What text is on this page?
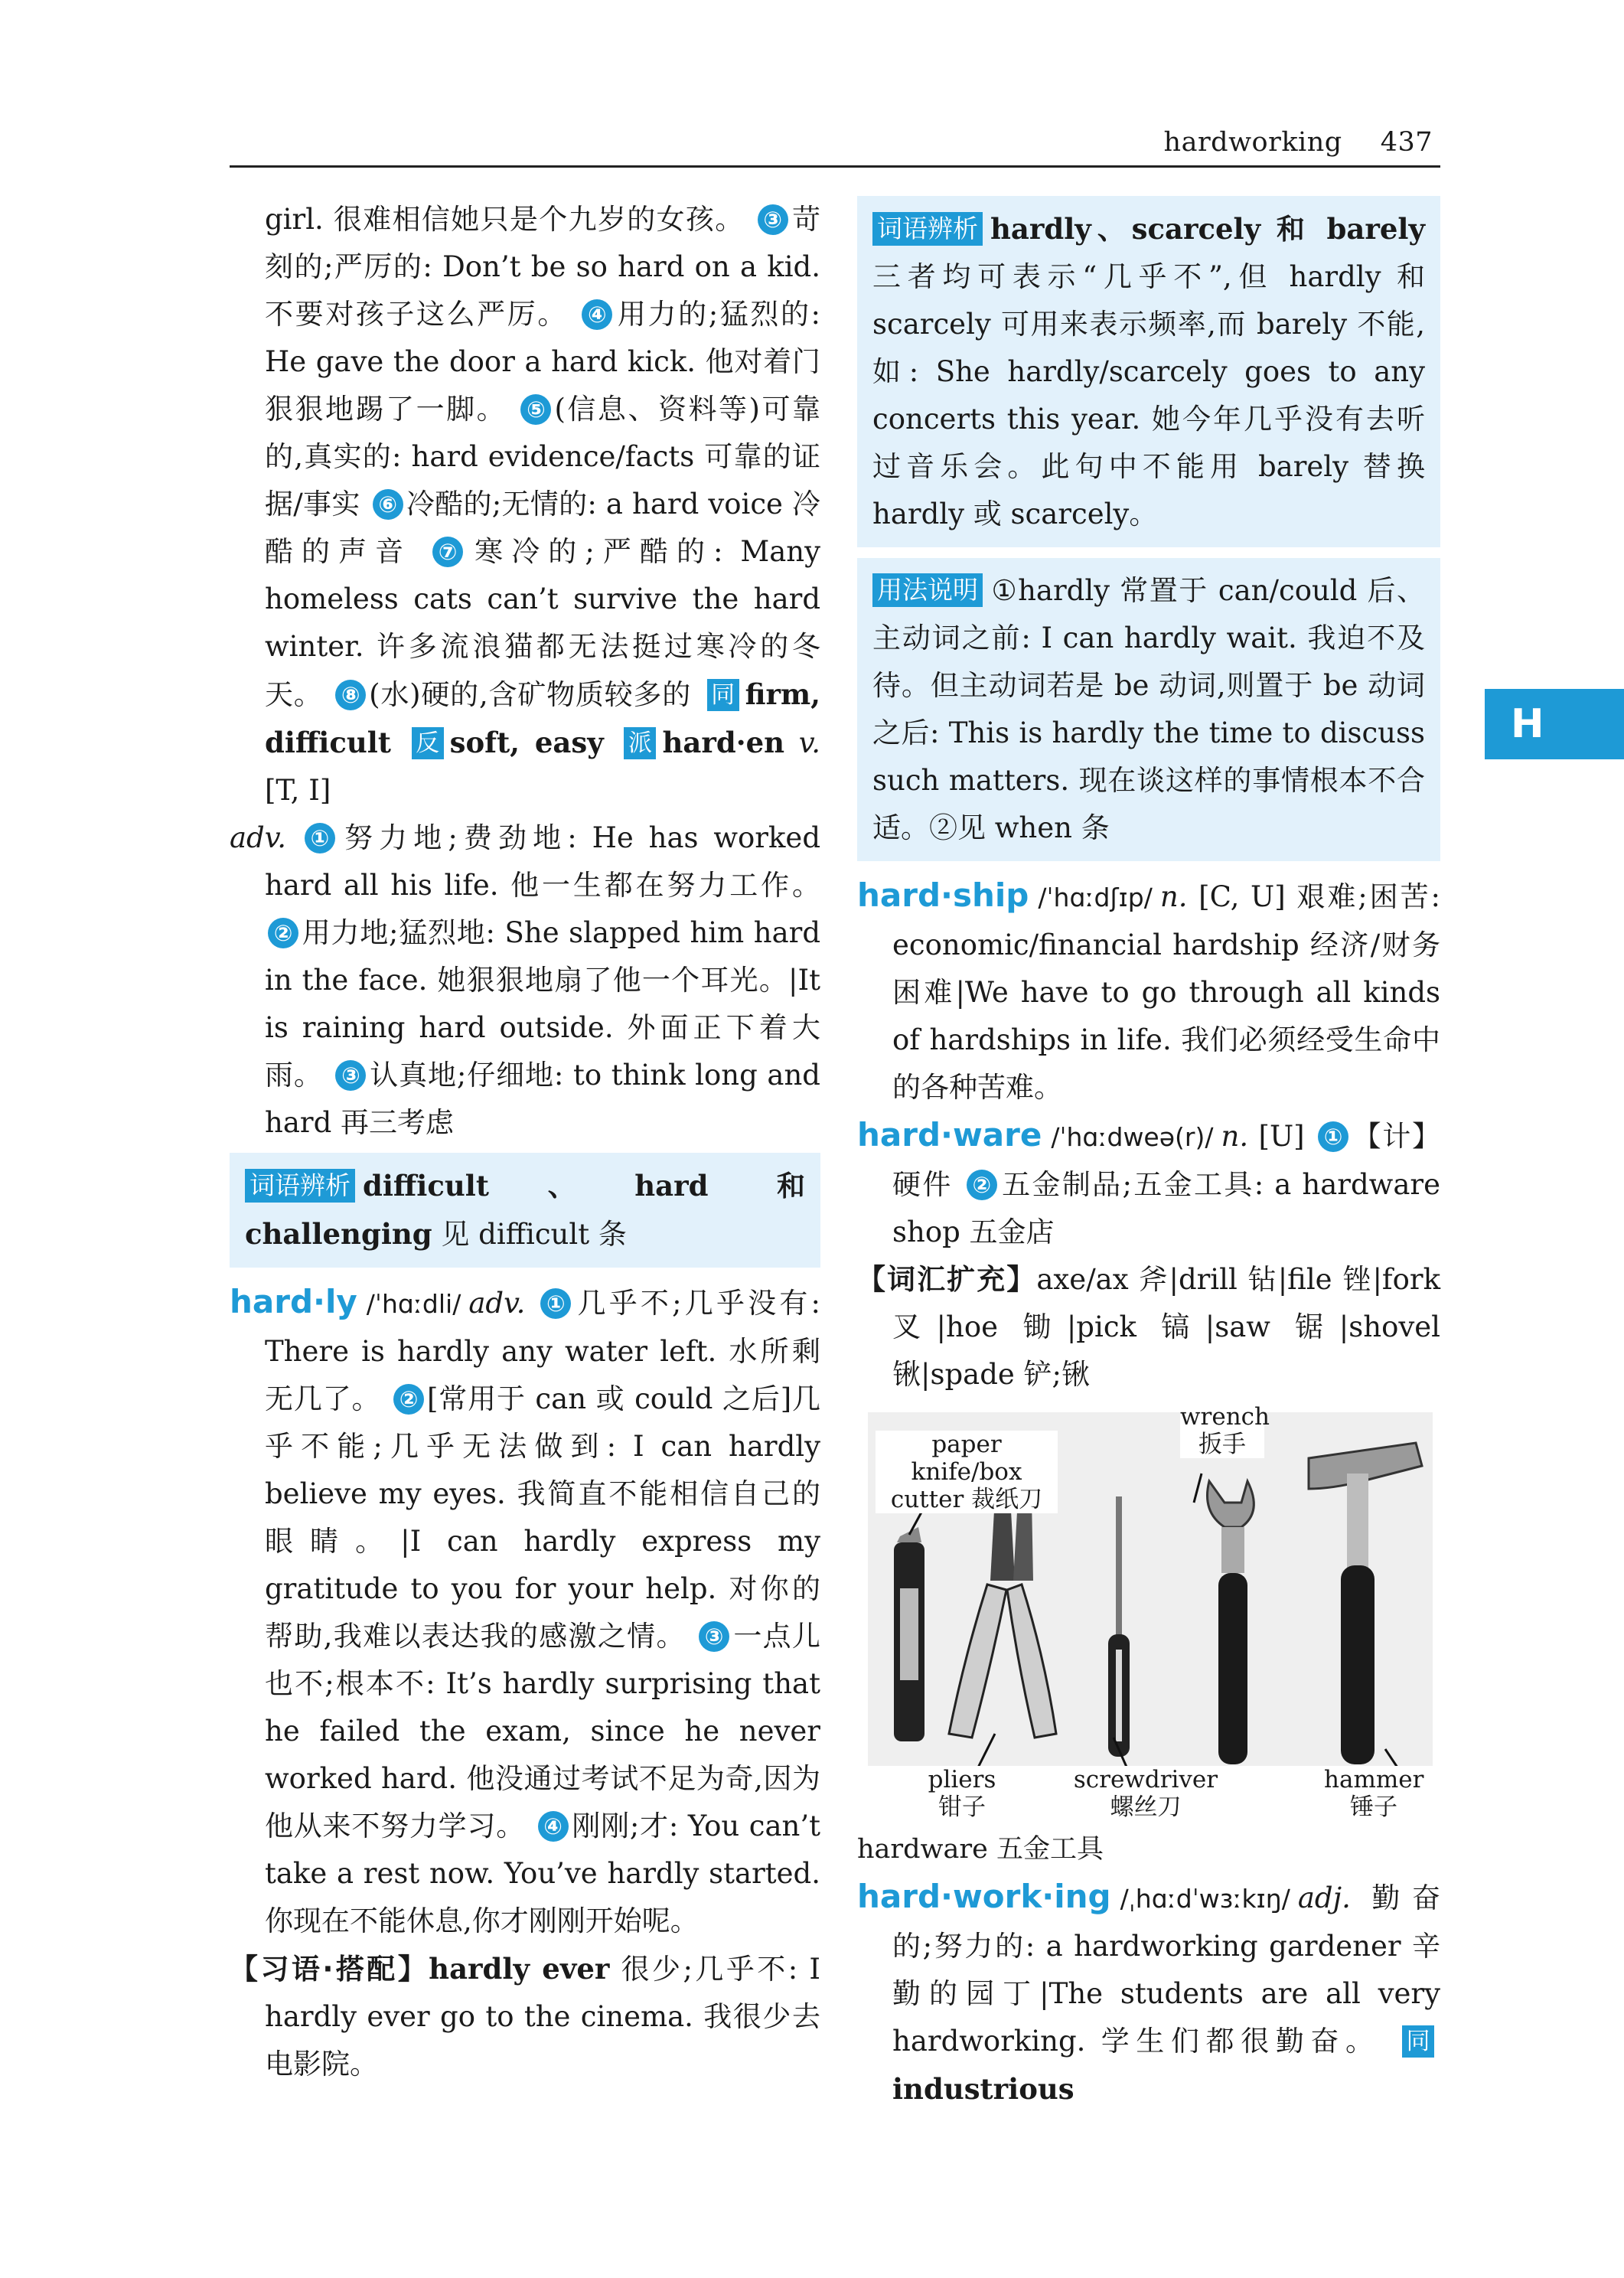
hardworking 437
H

girl. 很难相信她只是个九岁的女孩。 ③ 苛刻的;严厉的: Don’t be so hard on a kid. 不要对孩子这么严厉。 ④ 用力的;猛烈的: He gave the door a hard kick. 他对着门狠狠地踢了一脚。 ⑤ (信息、资料等)可靠的,真实的: hard evidence/facts 可靠的证据/事实 ⑥ 冷酷的;无情的: a hard voice 冷酷的声音 ⑦ 寒冷的;严酷的: Many homeless cats can’t survive the hard winter. 许多流浪猫都无法挺过寒冷的冬天。 ⑧ (水)硬的,含矿物质较多的 同 firm, difficult 反 soft, easy 派 hard·en v. [T, I]

adv. ① 努力地;费劲地: He has worked hard all his life. 他一生都在努力工作。 ② 用力地;猛烈地: She slapped him hard in the face. 她狠狠地扇了他一个耳光。|It is raining hard outside. 外面正下着大雨。 ③ 认真地;仔细地: to think long and hard 再三考虑

词语辨析 difficult、hard 和 challenging 见 difficult 条

hard·ly /ˈhɑːdli/ adv. ① 几乎不;几乎没有: There is hardly any water left. 水所剩无几了。 ② [常用于 can 或 could 之后]几乎不能;几乎无法做到: I can hardly believe my eyes. 我简直不能相信自己的眼睛。|I can hardly express my gratitude to you for your help. 对你的帮助,我难以表达我的感激之情。 ③ 一点儿也不;根本不: It’s hardly surprising that he failed the exam, since he never worked hard. 他没通过考试不足为奇,因为他从来不努力学习。 ④ 刚刚;才: You can’t take a rest now. You’ve hardly started. 你现在不能休息,你才刚刚开始呢。

【习语·搭配】hardly ever 很少;几乎不: I hardly ever go to the cinema. 我很少去电影院。

词语辨析 hardly、scarcely 和 barely 三者均可表示“几乎不”,但 hardly 和 scarcely 可用来表示频率,而 barely 不能,如: She hardly/scarcely goes to any concerts this year. 她今年几乎没有去听过音乐会。此句中不能用 barely 替换 hardly 或 scarcely。

用法说明 ①hardly 常置于 can/could 后、主动词之前: I can hardly wait. 我迫不及待。但主动词若是 be 动词,则置于 be 动词之后: This is hardly the time to discuss such matters. 现在谈这样的事情根本不合适。②见 when 条

hard·ship /ˈhɑːdʃɪp/ n. [C, U] 艰难;困苦: economic/financial hardship 经济/财务困难|We have to go through all kinds of hardships in life. 我们必须经受生命中的各种苦难。

hard·ware /ˈhɑːdweə(r)/ n. [U] ① 【计】硬件 ② 五金制品;五金工具: a hardware shop 五金店

【词汇扩充】axe/ax 斧|drill 钻|file 锉|fork 叉|hoe 锄|pick 镐|saw 锯|shovel 锹|spade 铲;锹

paper knife/box cutter 裁纸刀
wrench
扳手
pliers
钳子
screwdriver
螺丝刀
hammer
锤子

hardware 五金工具

hard·work·ing /ˌhɑːdˈwɜːkɪŋ/ adj. 勤奋的;努力的: a hardworking gardener 辛勤的园丁|The students are all very hardworking. 学生们都很勤奋。 同industrious
